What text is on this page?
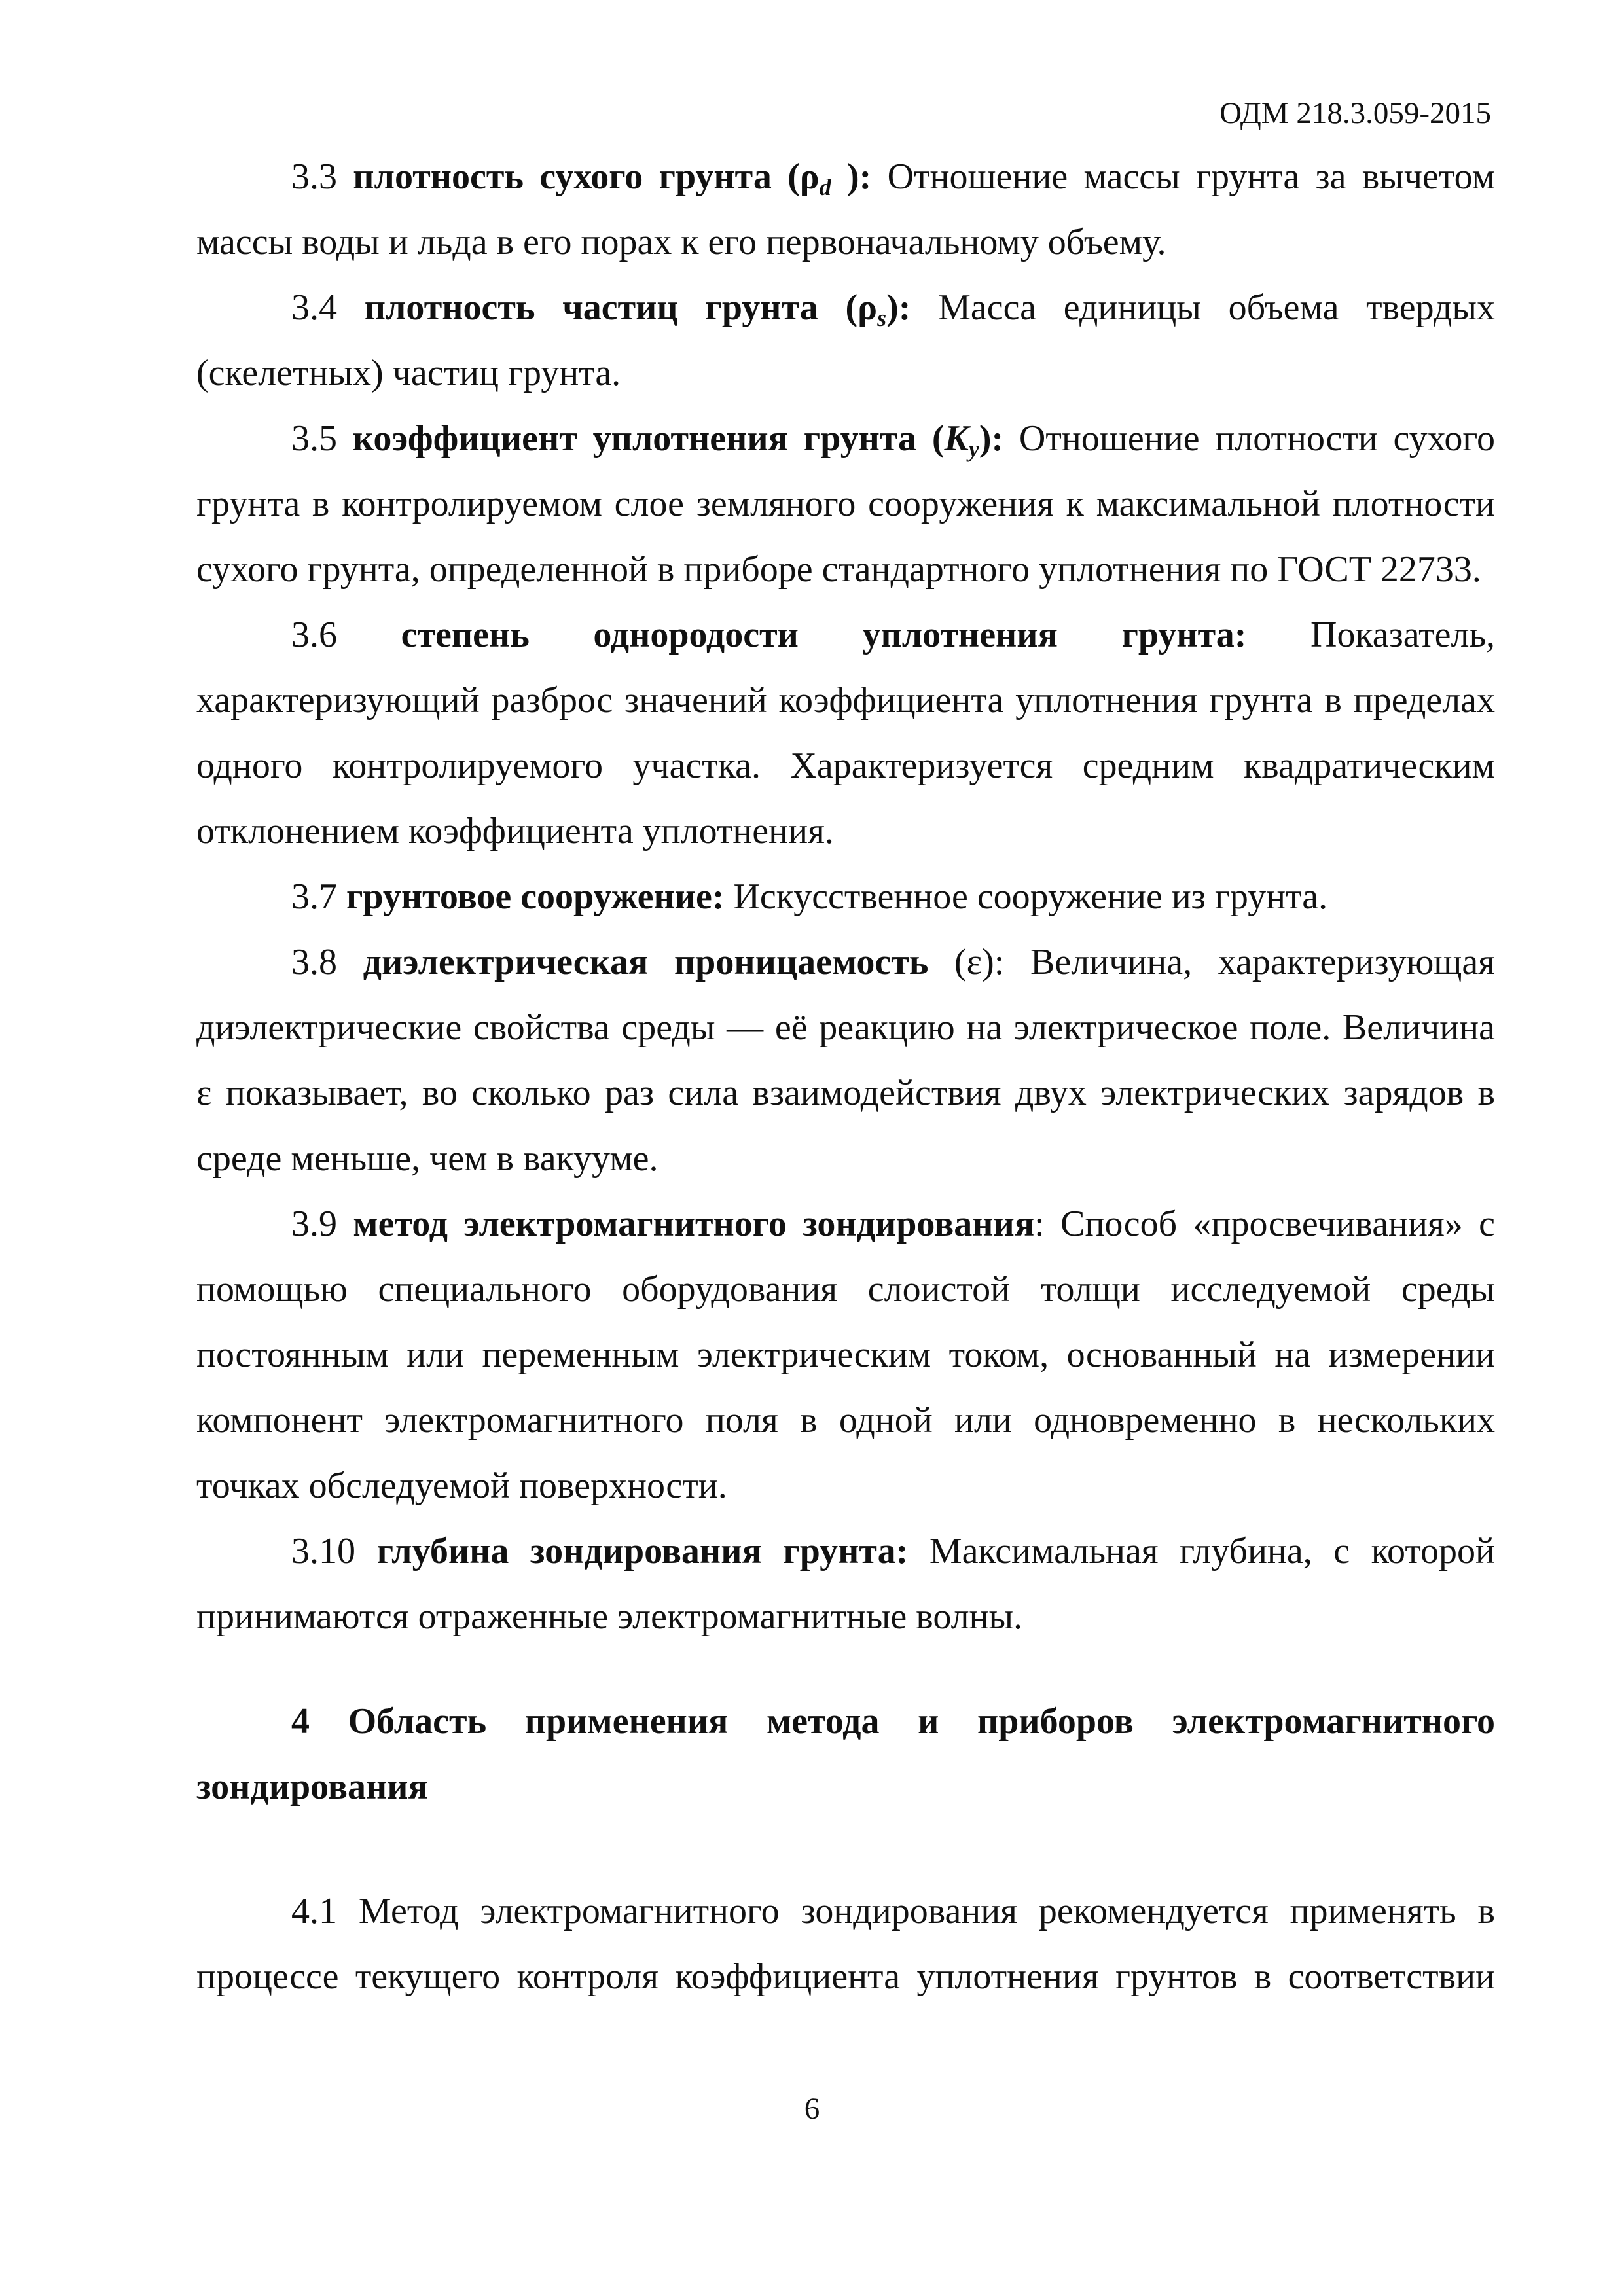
ОДМ 218.3.059-2015

3.3 плотность сухого грунта ($\rho_d$ ): Отношение массы грунта за вычетом массы воды и льда в его порах к его первоначальному объему.

3.4 плотность частиц грунта $(\rho_s)$: Масса единицы объема твердых (скелетных) частиц грунта.

3.5 коэффициент уплотнения грунта $(K_y)$: Отношение плотности сухого грунта в контролируемом слое земляного сооружения к максимальной плотности сухого грунта, определенной в приборе стандартного уплотнения по ГОСТ 22733.

3.6 степень однородости уплотнения грунта: Показатель, характеризующий разброс значений коэффициента уплотнения грунта в пределах одного контролируемого участка. Характеризуется средним квадратическим отклонением коэффициента уплотнения.

3.7 грунтовое сооружение: Искусственное сооружение из грунта.

3.8 диэлектрическая проницаемость (ε): Величина, характеризующая диэлектрические свойства среды — её реакцию на электрическое поле. Величина ε показывает, во сколько раз сила взаимодействия двух электрических зарядов в среде меньше, чем в вакууме.

3.9 метод электромагнитного зондирования: Способ «просвечивания» с помощью специального оборудования слоистой толщи исследуемой среды постоянным или переменным электрическим током, основанный на измерении компонент электромагнитного поля в одной или одновременно в нескольких точках обследуемой поверхности.

3.10 глубина зондирования грунта: Максимальная глубина, с которой принимаются отраженные электромагнитные волны.

4 Область применения метода и приборов электромагнитного зондирования

4.1 Метод электромагнитного зондирования рекомендуется применять в процессе текущего контроля коэффициента уплотнения грунтов в соответствии

6
